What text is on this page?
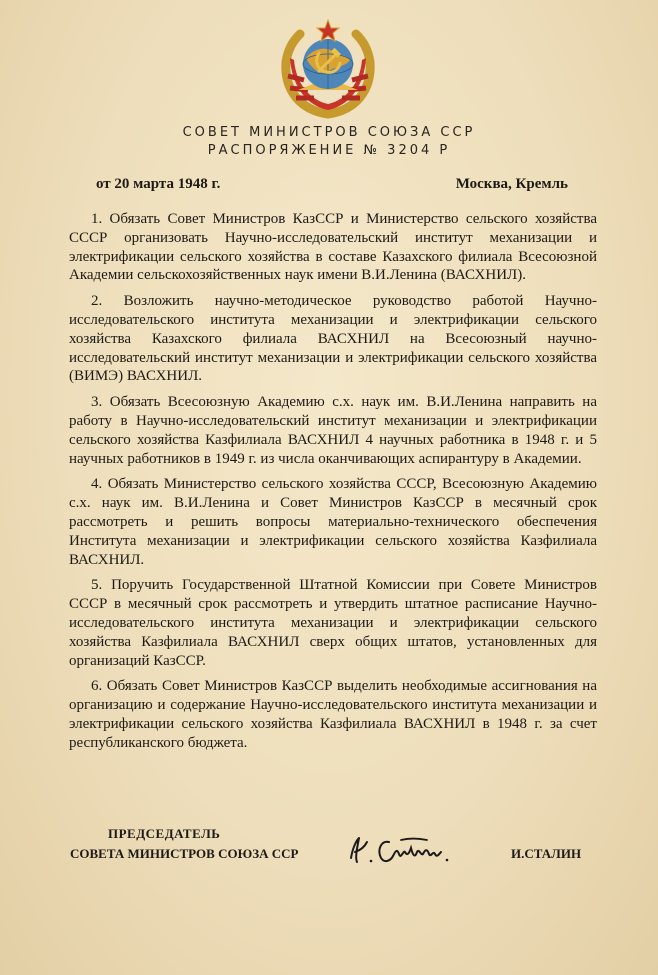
СОВЕТ МИНИСТРОВ СОЮЗА ССР
РАСПОРЯЖЕНИЕ № 3204 Р
от 20 марта 1948 г.	Москва, Кремль

1. Обязать Совет Министров КазССР и Министерство сельского хозяйства СССР организовать Научно-исследовательский институт механизации и электрификации сельского хозяйства в составе Казахского филиала Всесоюзной Академии сельскохозяйственных наук имени В.И.Ленина (ВАСХНИЛ).

2. Возложить научно-методическое руководство работой Научно-исследовательского института механизации и электрификации сельского хозяйства Казахского филиала ВАСХНИЛ на Всесоюзный научно-исследовательский институт механизации и электрификации сельского хозяйства (ВИМЭ) ВАСХНИЛ.

3. Обязать Всесоюзную Академию с.х. наук им. В.И.Ленина направить на работу в Научно-исследовательский институт механизации и электрификации сельского хозяйства Казфилиала ВАСХНИЛ 4 научных работника в 1948 г. и 5 научных работников в 1949 г. из числа оканчивающих аспирантуру в Академии.

4. Обязать Министерство сельского хозяйства СССР, Всесоюзную Академию с.х. наук им. В.И.Ленина и Совет Министров КазССР в месячный срок рассмотреть и решить вопросы материально-технического обеспечения Института механизации и электрификации сельского хозяйства Казфилиала ВАСХНИЛ.

5. Поручить Государственной Штатной Комиссии при Совете Министров СССР в месячный срок рассмотреть и утвердить штатное расписание Научно-исследовательского института механизации и электрификации сельского хозяйства Казфилиала ВАСХНИЛ сверх общих штатов, установленных для организаций КазССР.

6. Обязать Совет Министров КазССР выделить необходимые ассигнования на организацию и содержание Научно-исследовательского института механизации и электрификации сельского хозяйства Казфилиала ВАСХНИЛ в 1948 г. за счет республиканского бюджета.

ПРЕДСЕДАТЕЛЬ
СОВЕТА МИНИСТРОВ СОЮЗА ССР	И.СТАЛИН
